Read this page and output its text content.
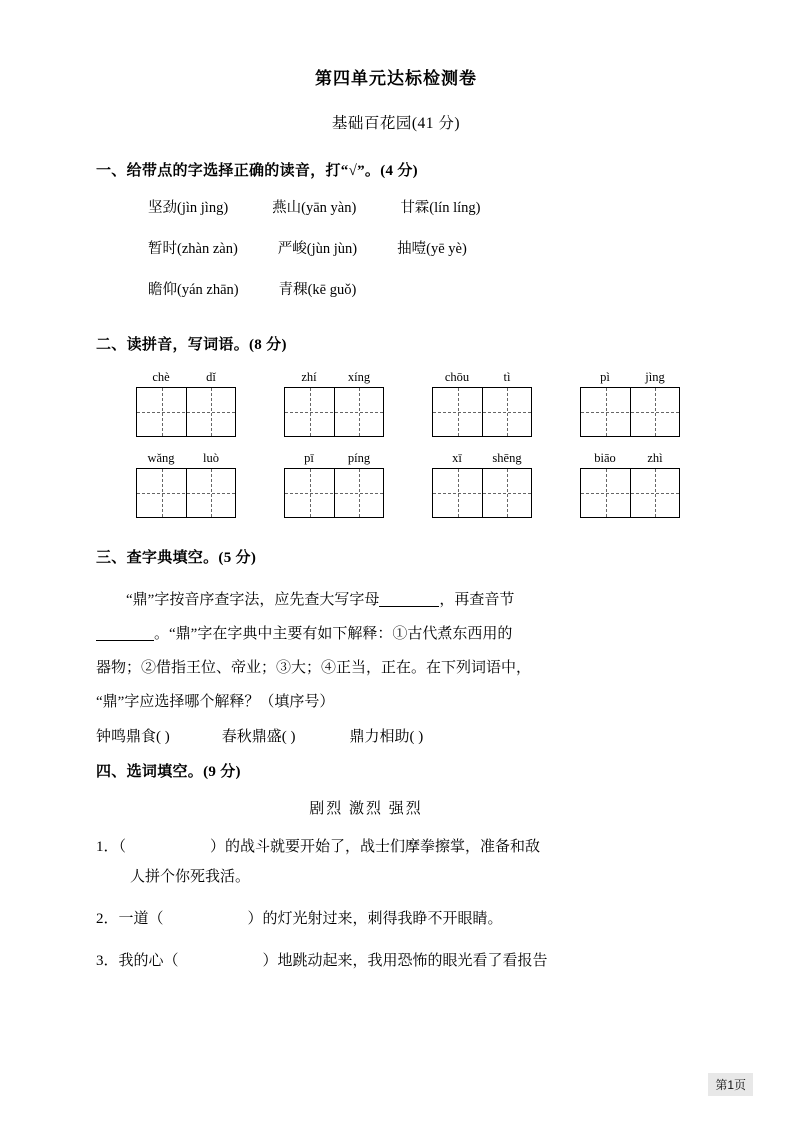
第四单元达标检测卷
基础百花园(41 分)
一、给带点的字选择正确的读音，打“√”。(4 分)
坚劲(jìn jìng)	燕山(yān yàn)	甘霖(lín líng)
暂时(zhàn zàn)	严峻(jùn jùn)	抽噎(yē yè)
瞻仰(yán zhān)	青稞(kē guǒ)
二、读拼音，写词语。(8 分)
chè	dǐ	zhí	xíng	chōu	tì	pì	jìng
wǎng	luò	pī	píng	xī	shēng	biāo	zhì
三、查字典填空。(5 分)
“鼎”字按音序查字法，应先查大写字母	，再查音节
。“鼎”字在字典中主要有如下解释：①古代煮东西用的
器物；②借指王位、帝业；③大；④正当，正在。在下列词语中，
“鼎”字应选择哪个解释？（填序号）
钟鸣鼎食( )	春秋鼎盛( )	鼎力相助( )
四、选词填空。(9 分)
剧烈 激烈 强烈
1．（	）的战斗就要开始了，战士们摩拳擦掌，准备和敌
人拼个你死我活。
2．一道（	）的灯光射过来，刺得我睁不开眼睛。
3．我的心（	）地跳动起来，我用恐怖的眼光看了看报告
第1页
